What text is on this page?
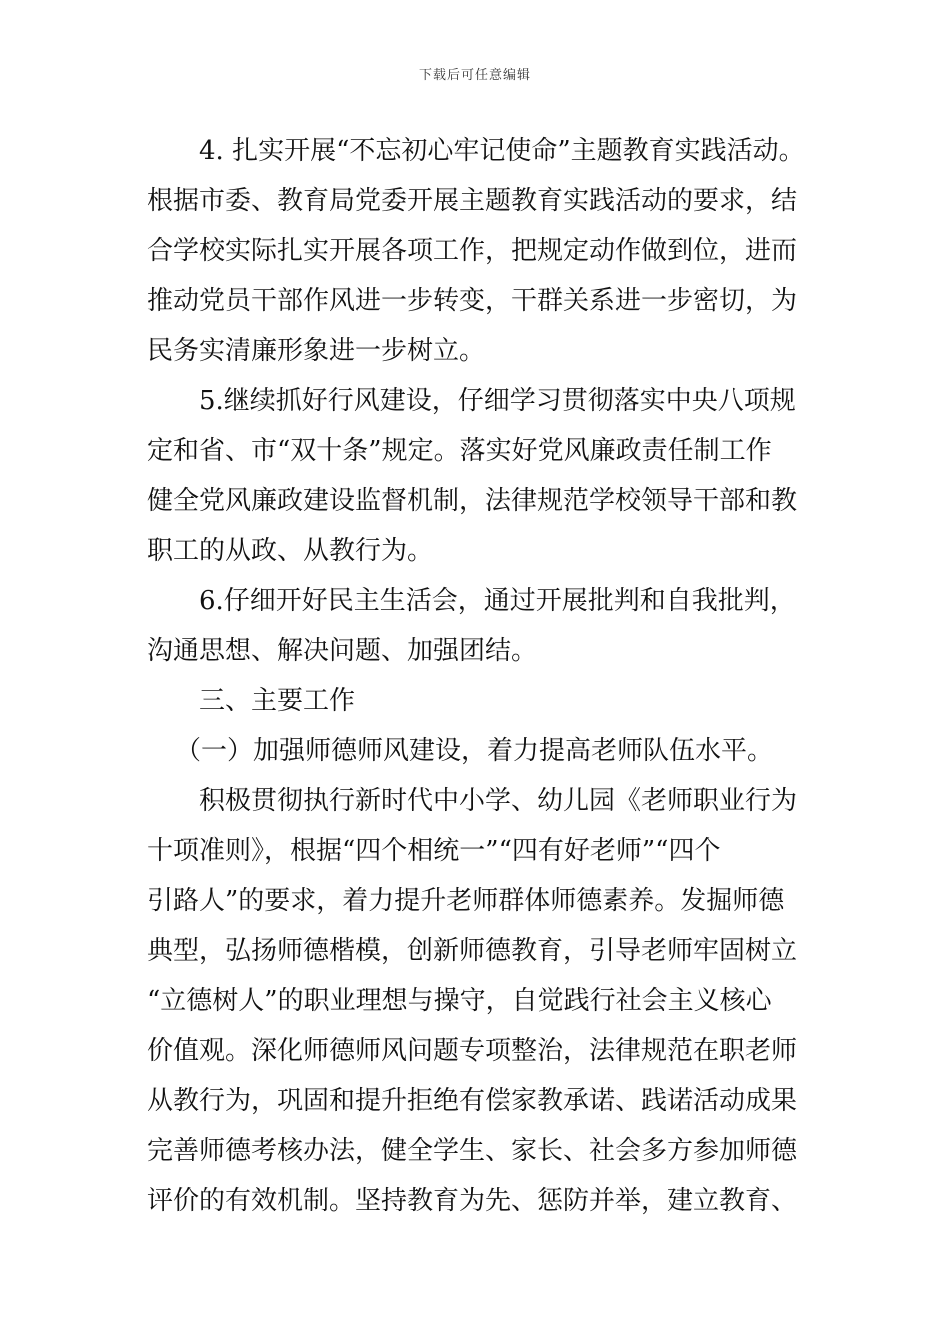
下载后可任意编辑
4. 扎实开展“不忘初心牢记使命”主题教育实践活动。
根据市委、教育局党委开展主题教育实践活动的要求，结
合学校实际扎实开展各项工作，把规定动作做到位，进而
推动党员干部作风进一步转变，干群关系进一步密切，为
民务实清廉形象进一步树立。
5.继续抓好行风建设，仔细学习贯彻落实中央八项规
定和省、市“双十条”规定。落实好党风廉政责任制工作
健全党风廉政建设监督机制，法律规范学校领导干部和教
职工的从政、从教行为。
6.仔细开好民主生活会，通过开展批判和自我批判，
沟通思想、解决问题、加强团结。
三、主要工作
（一）加强师德师风建设，着力提高老师队伍水平。
积极贯彻执行新时代中小学、幼儿园《老师职业行为
十项准则》，根据“四个相统一”“四有好老师”“四个
引路人”的要求，着力提升老师群体师德素养。发掘师德
典型，弘扬师德楷模，创新师德教育，引导老师牢固树立
“立德树人”的职业理想与操守，自觉践行社会主义核心
价值观。深化师德师风问题专项整治，法律规范在职老师
从教行为，巩固和提升拒绝有偿家教承诺、践诺活动成果
完善师德考核办法，健全学生、家长、社会多方参加师德
评价的有效机制。坚持教育为先、惩防并举，建立教育、
